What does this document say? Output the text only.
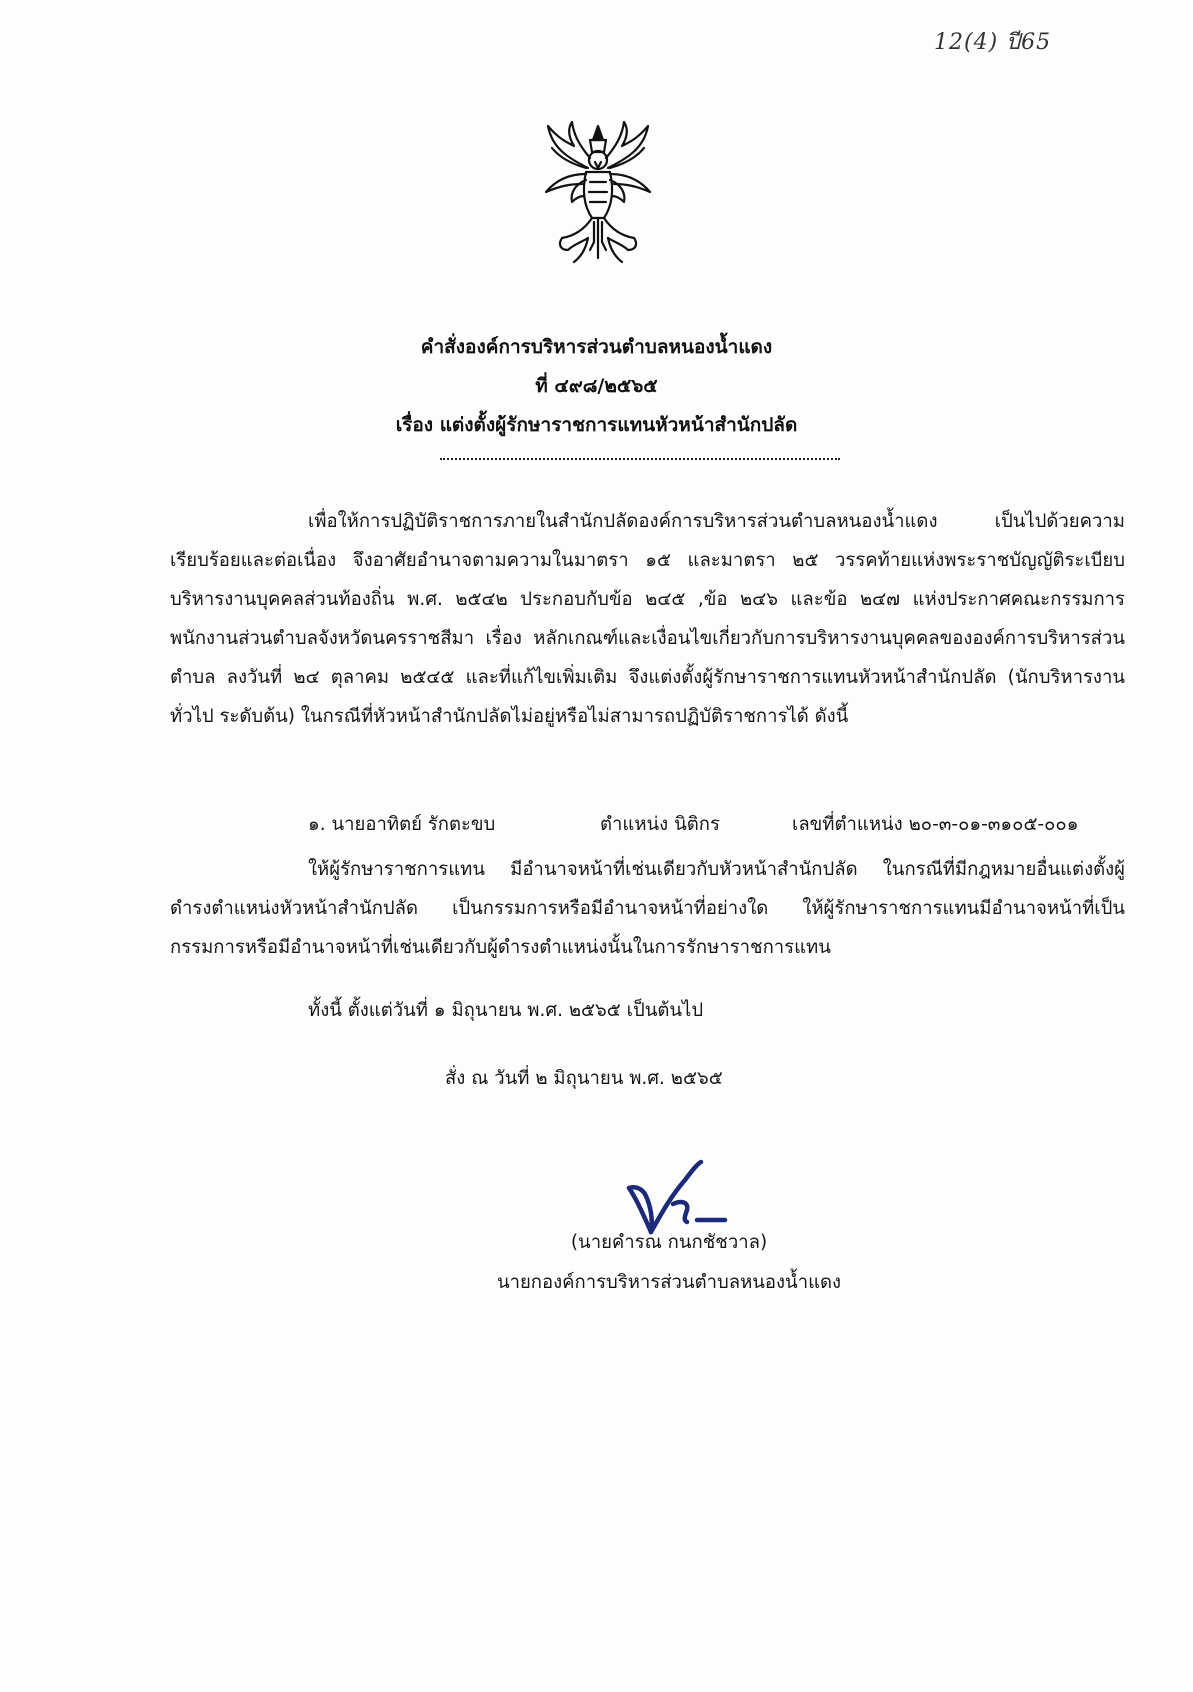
12(4) ปี65
คำสั่งองค์การบริหารส่วนตำบลหนองน้ำแดง
ที่ ๔๙๘/๒๕๖๕
เรื่อง แต่งตั้งผู้รักษาราชการแทนหัวหน้าสำนักปลัด
เพื่อให้การปฏิบัติราชการภายในสำนักปลัดองค์การบริหารส่วนตำบลหนองน้ำแดง เป็นไปด้วยความเรียบร้อยและต่อเนื่อง จึงอาศัยอำนาจตามความในมาตรา ๑๕ และมาตรา ๒๕ วรรคท้ายแห่งพระราชบัญญัติระเบียบบริหารงานบุคคลส่วนท้องถิ่น พ.ศ. ๒๕๔๒ ประกอบกับข้อ ๒๔๕ ,ข้อ ๒๔๖ และข้อ ๒๔๗ แห่งประกาศคณะกรรมการพนักงานส่วนตำบลจังหวัดนครราชสีมา เรื่อง หลักเกณฑ์และเงื่อนไขเกี่ยวกับการบริหารงานบุคคลขององค์การบริหารส่วนตำบล ลงวันที่ ๒๔ ตุลาคม ๒๕๔๕ และที่แก้ไขเพิ่มเติม จึงแต่งตั้งผู้รักษาราชการแทนหัวหน้าสำนักปลัด (นักบริหารงานทั่วไป ระดับต้น) ในกรณีที่หัวหน้าสำนักปลัดไม่อยู่หรือไม่สามารถปฏิบัติราชการได้ ดังนี้
๑. นายอาทิตย์ รักตะขบ	ตำแหน่ง นิติกร	เลขที่ตำแหน่ง ๒๐-๓-๐๑-๓๑๐๕-๐๐๑
ให้ผู้รักษาราชการแทน มีอำนาจหน้าที่เช่นเดียวกับหัวหน้าสำนักปลัด ในกรณีที่มีกฎหมายอื่นแต่งตั้งผู้ดำรงตำแหน่งหัวหน้าสำนักปลัด เป็นกรรมการหรือมีอำนาจหน้าที่อย่างใด ให้ผู้รักษาราชการแทนมีอำนาจหน้าที่เป็นกรรมการหรือมีอำนาจหน้าที่เช่นเดียวกับผู้ดำรงตำแหน่งนั้นในการรักษาราชการแทน
ทั้งนี้ ตั้งแต่วันที่ ๑ มิถุนายน พ.ศ. ๒๕๖๕ เป็นต้นไป
สั่ง ณ วันที่ ๒ มิถุนายน พ.ศ. ๒๕๖๕
(นายคำรณ กนกชัชวาล)
นายกองค์การบริหารส่วนตำบลหนองน้ำแดง
